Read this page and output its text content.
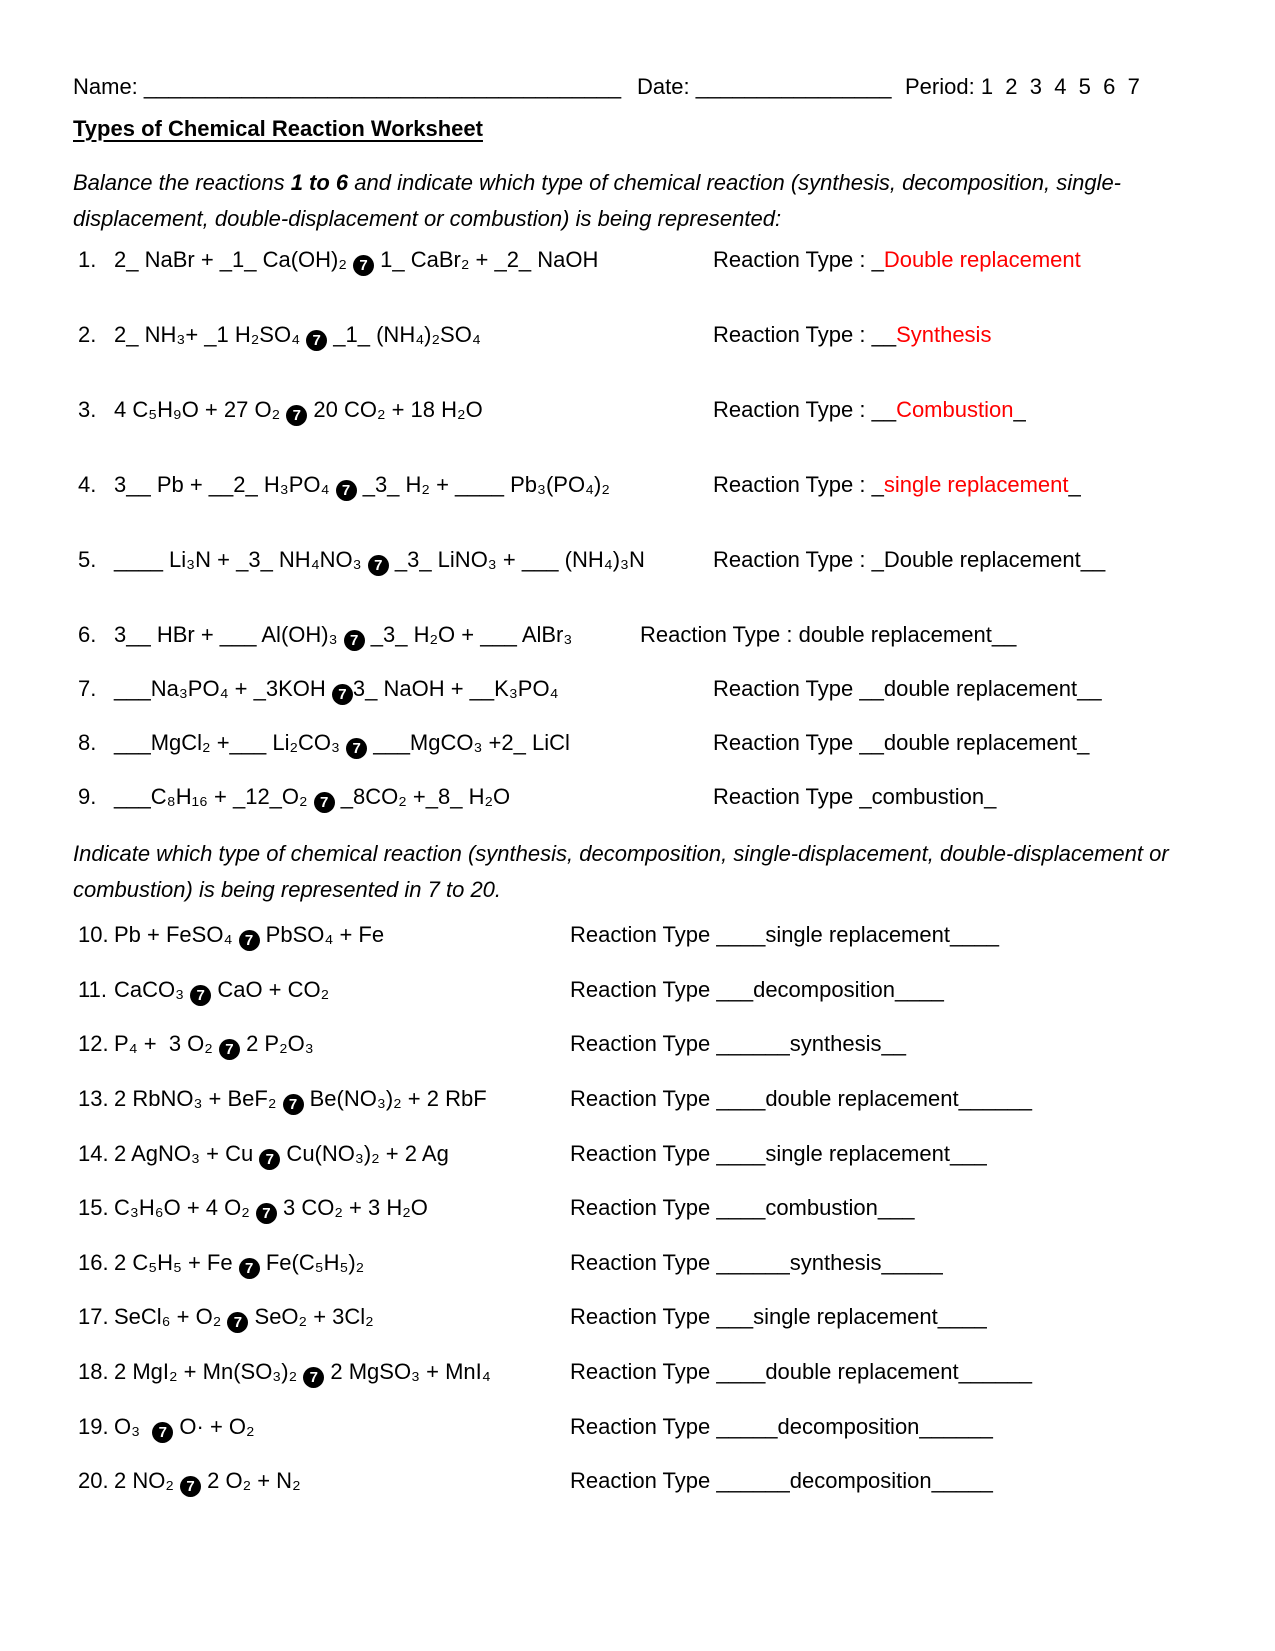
Name: _______________________________________ Date: ________________ Period: 1  2  3  4  5  6  7
Types of Chemical Reaction Worksheet
Balance the reactions 1 to 6 and indicate which type of chemical reaction (synthesis, decomposition, single-displacement, double-displacement or combustion) is being represented:
1. 2_ NaBr + _1_ Ca(OH)₂ 7 1_ CaBr₂ + _2_ NaOH	Reaction Type : _Double replacement
2. 2_ NH₃+ _1 H₂SO₄ 7 _1_ (NH₄)₂SO₄	Reaction Type : __Synthesis
3. 4 C₅H₉O + 27 O₂ 7 20 CO₂ + 18 H₂O	Reaction Type : __Combustion_
4. 3__ Pb + __2_ H₃PO₄ 7 _3_ H₂ + ____ Pb₃(PO₄)₂	Reaction Type : _single replacement_
5. ____ Li₃N + _3_ NH₄NO₃ 7 _3_ LiNO₃ + ___ (NH₄)₃N	Reaction Type : _Double replacement__
6. 3__ HBr + ___ Al(OH)₃ 7 _3_ H₂O + ___ AlBr₃	Reaction Type : double replacement__
7. ___Na₃PO₄ + _3KOH 7 3_ NaOH + __K₃PO₄	Reaction Type __double replacement__
8. ___MgCl₂ +___ Li₂CO₃ 7 ___MgCO₃ +2_ LiCl	Reaction Type __double replacement_
9. ___C₈H₁₆ + _12_O₂ 7 _8CO₂ +_8_ H₂O	Reaction Type _combustion_
Indicate which type of chemical reaction (synthesis, decomposition, single-displacement, double-displacement or combustion) is being represented in 7 to 20.
10. Pb + FeSO₄ 7 PbSO₄ + Fe	Reaction Type ____single replacement____
11. CaCO₃ 7 CaO + CO₂	Reaction Type ___decomposition____
12. P₄ +  3 O₂ 7 2 P₂O₃	Reaction Type ______synthesis__
13. 2 RbNO₃ + BeF₂ 7 Be(NO₃)₂ + 2 RbF	Reaction Type ____double replacement______
14. 2 AgNO₃ + Cu 7 Cu(NO₃)₂ + 2 Ag	Reaction Type ____single replacement___
15. C₃H₆O + 4 O₂ 7 3 CO₂ + 3 H₂O	Reaction Type ____combustion___
16. 2 C₅H₅ + Fe 7 Fe(C₅H₅)₂	Reaction Type ______synthesis_____
17. SeCl₆ + O₂ 7 SeO₂ + 3Cl₂	Reaction Type ___single replacement____
18. 2 MgI₂ + Mn(SO₃)₂ 7 2 MgSO₃ + MnI₄	Reaction Type ____double replacement______
19. O₃  7 O· + O₂	Reaction Type _____decomposition______
20. 2 NO₂ 7 2 O₂ + N₂	Reaction Type ______decomposition_____
